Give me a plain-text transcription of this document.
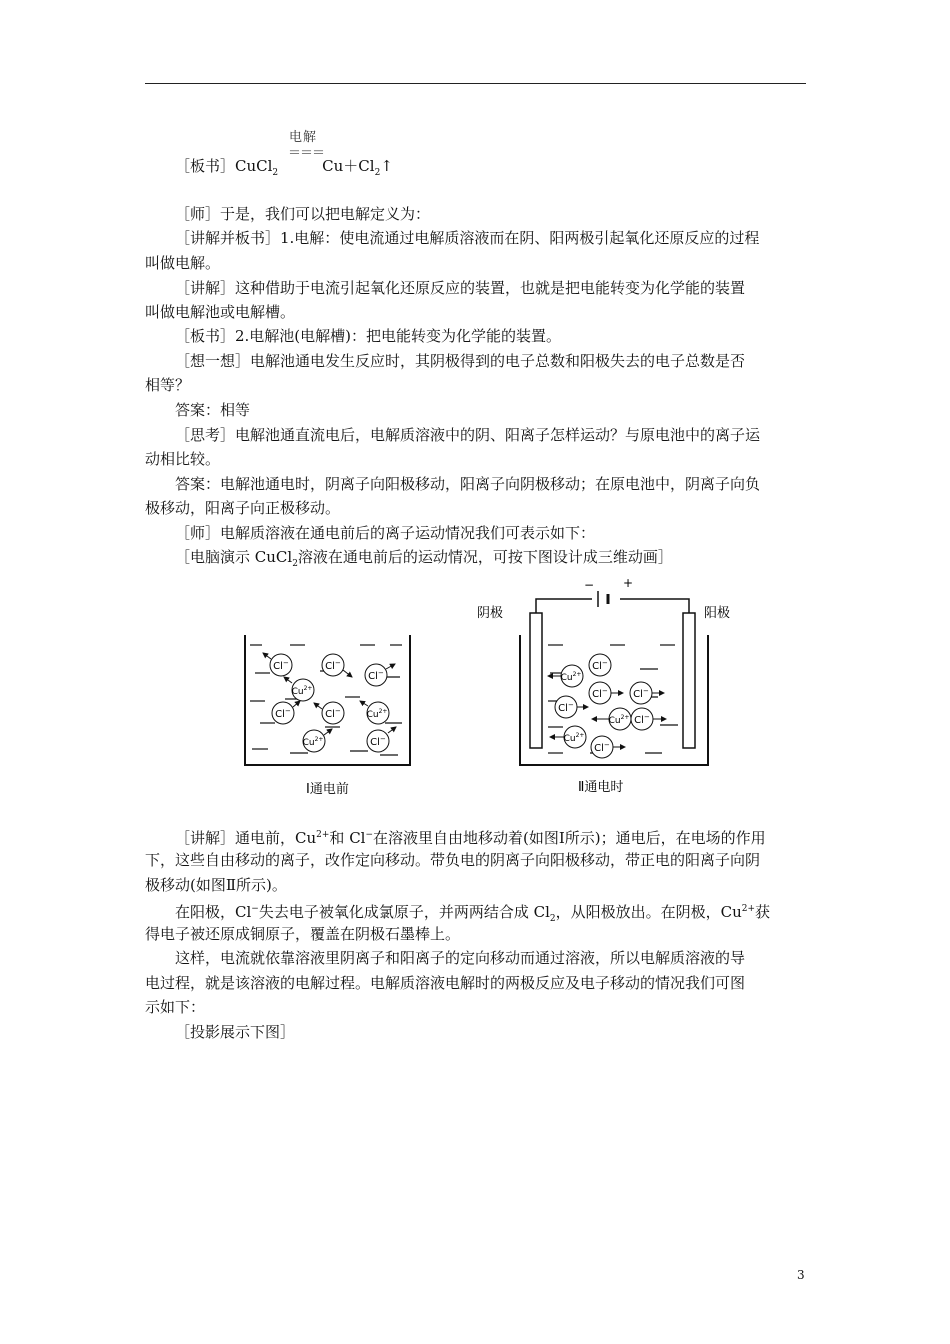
电解
＝＝＝
［板书］CuCl$_2$	$Cu+Cl_2↑$
［师］于是，我们可以把电解定义为：
［讲解并板书］1.电解：使电流通过电解质溶液而在阴、阳两极引起氧化还原反应的过程
叫做电解。
［讲解］这种借助于电流引起氧化还原反应的装置，也就是把电能转变为化学能的装置
叫做电解池或电解槽。
［板书］2.电解池(电解槽)：把电能转变为化学能的装置。
［想一想］电解池通电发生反应时，其阴极得到的电子总数和阳极失去的电子总数是否
相等？
答案：相等
［思考］电解池通直流电后，电解质溶液中的阴、阳离子怎样运动？与原电池中的离子运
动相比较。
答案：电解池通电时，阴离子向阳极移动，阳离子向阴极移动；在原电池中，阴离子向负
极移动，阳离子向正极移动。
［师］电解质溶液在通电前后的离子运动情况我们可表示如下：
［电脑演示 CuCl$_2$溶液在通电前后的运动情况，可按下图设计成三维动画］
Cl−	Cl−
Cl−
$Cu^{2+}$
Cl−	Cl−	$Cu^{2+}$
$Cu^{2+}$	Cl−
阴极	阳极
− +
$Cu^{2+}$
Cl−
Cl−	Cl−
Cl−
$Cu^{2+}$ Cl−
$Cu^{2+}$
Cl−
Ⅰ通电前	Ⅱ通电时
［讲解］通电前，$Cu^{2+}$和 Cl−在溶液里自由地移动着(如图Ⅰ所示)；通电后，在电场的作用
下，这些自由移动的离子，改作定向移动。带负电的阴离子向阳极移动，带正电的阳离子向阴
极移动(如图Ⅱ所示)。
在阳极，Cl−失去电子被氧化成氯原子，并两两结合成 $Cl_2$，从阳极放出。在阴极，$Cu^{2+}$获
得电子被还原成铜原子，覆盖在阴极石墨棒上。
这样，电流就依靠溶液里阴离子和阳离子的定向移动而通过溶液，所以电解质溶液的导
电过程，就是该溶液的电解过程。电解质溶液电解时的两极反应及电子移动的情况我们可图
示如下：
［投影展示下图］
3
